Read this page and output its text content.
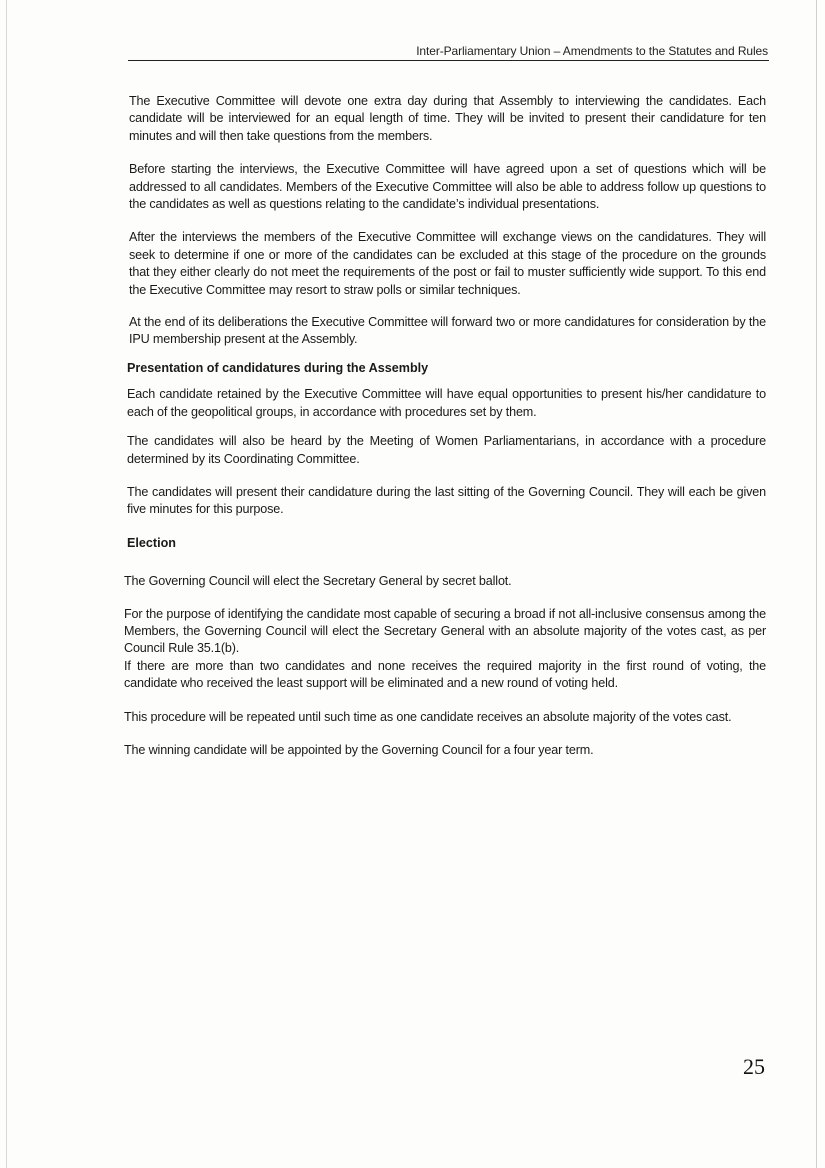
Inter-Parliamentary Union – Amendments to the Statutes and Rules

The Executive Committee will devote one extra day during that Assembly to interviewing the candidates. Each candidate will be interviewed for an equal length of time. They will be invited to present their candidature for ten minutes and will then take questions from the members.

Before starting the interviews, the Executive Committee will have agreed upon a set of questions which will be addressed to all candidates. Members of the Executive Committee will also be able to address follow up questions to the candidates as well as questions relating to the candidate’s individual presentations.

After the interviews the members of the Executive Committee will exchange views on the candidatures. They will seek to determine if one or more of the candidates can be excluded at this stage of the procedure on the grounds that they either clearly do not meet the requirements of the post or fail to muster sufficiently wide support. To this end the Executive Committee may resort to straw polls or similar techniques.

At the end of its deliberations the Executive Committee will forward two or more candidatures for consideration by the IPU membership present at the Assembly.

Presentation of candidatures during the Assembly

Each candidate retained by the Executive Committee will have equal opportunities to present his/her candidature to each of the geopolitical groups, in accordance with procedures set by them.

The candidates will also be heard by the Meeting of Women Parliamentarians, in accordance with a procedure determined by its Coordinating Committee.

The candidates will present their candidature during the last sitting of the Governing Council. They will each be given five minutes for this purpose.

Election

The Governing Council will elect the Secretary General by secret ballot.

For the purpose of identifying the candidate most capable of securing a broad if not all-inclusive consensus among the Members, the Governing Council will elect the Secretary General with an absolute majority of the votes cast, as per Council Rule 35.1(b).

If there are more than two candidates and none receives the required majority in the first round of voting, the candidate who received the least support will be eliminated and a new round of voting held.

This procedure will be repeated until such time as one candidate receives an absolute majority of the votes cast.

The winning candidate will be appointed by the Governing Council for a four year term.

25
